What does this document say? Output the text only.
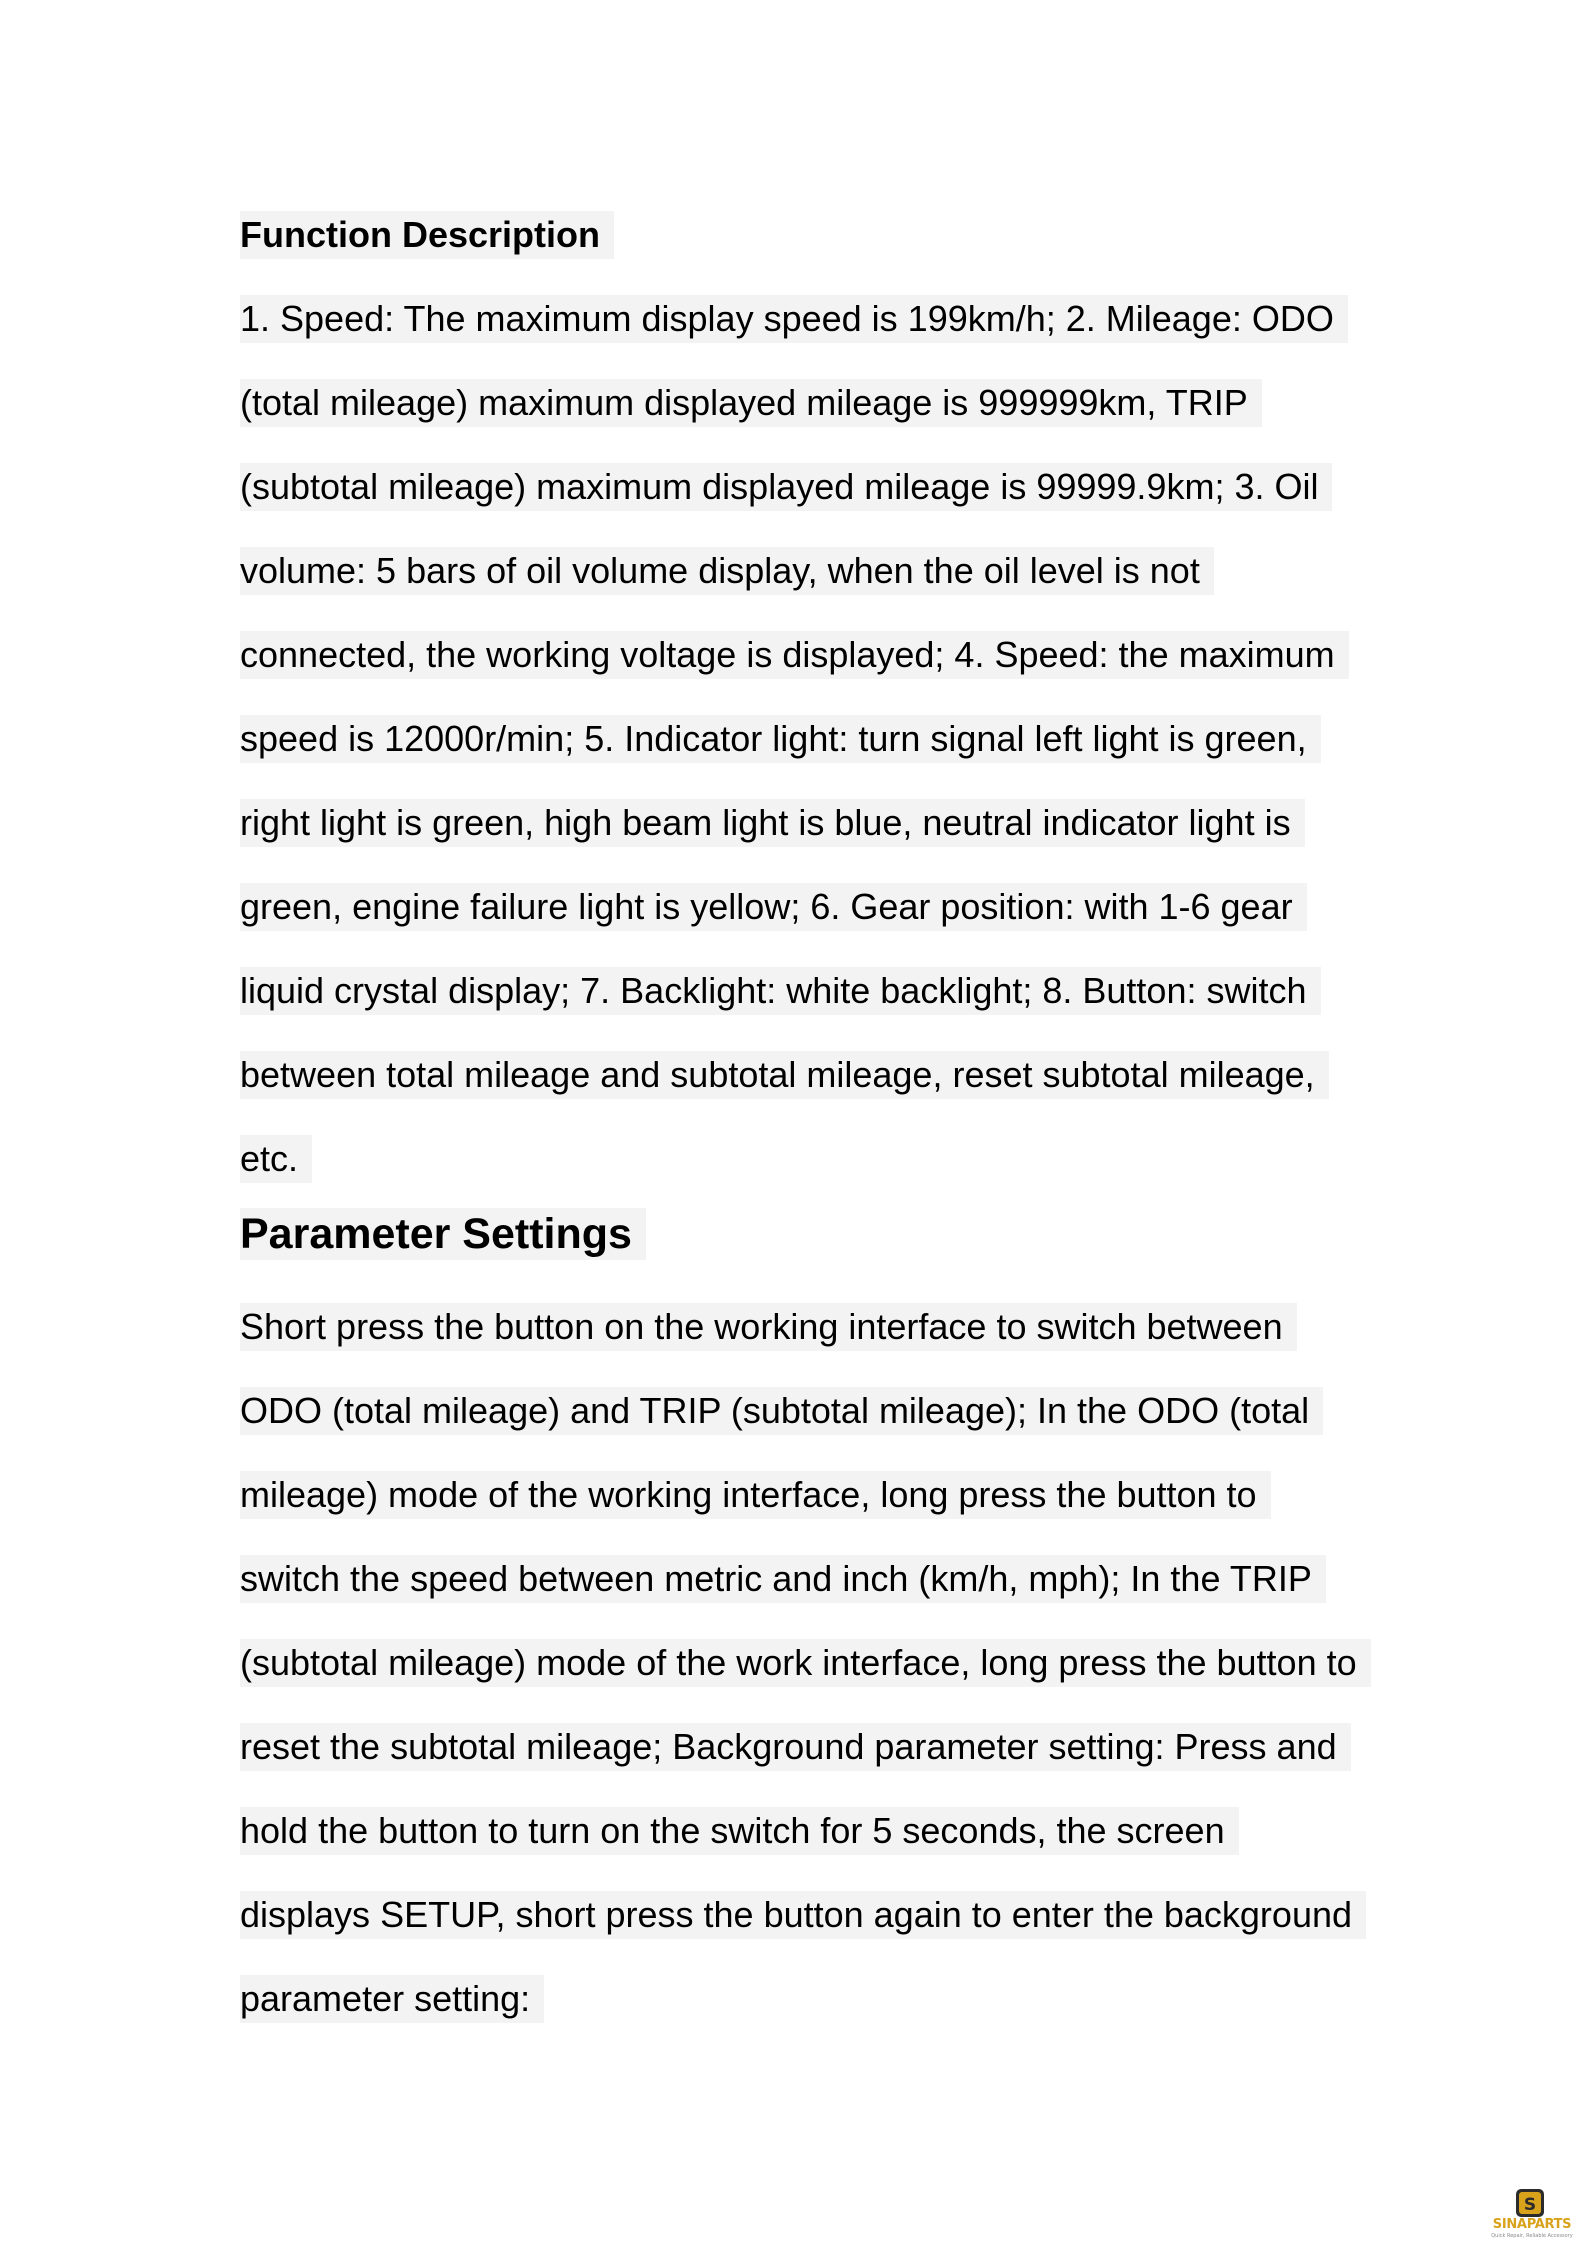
Function Description
1. Speed: The maximum display speed is 199km/h; 2. Mileage: ODO
(total mileage) maximum displayed mileage is 999999km, TRIP
(subtotal mileage) maximum displayed mileage is 99999.9km; 3. Oil
volume: 5 bars of oil volume display, when the oil level is not
connected, the working voltage is displayed; 4. Speed: the maximum
speed is 12000r/min; 5. Indicator light: turn signal left light is green,
right light is green, high beam light is blue, neutral indicator light is
green, engine failure light is yellow; 6. Gear position: with 1-6 gear
liquid crystal display; 7. Backlight: white backlight; 8. Button: switch
between total mileage and subtotal mileage, reset subtotal mileage,
etc.
Parameter Settings
Short press the button on the working interface to switch between
ODO (total mileage) and TRIP (subtotal mileage); In the ODO (total
mileage) mode of the working interface, long press the button to
switch the speed between metric and inch (km/h, mph); In the TRIP
(subtotal mileage) mode of the work interface, long press the button to
reset the subtotal mileage; Background parameter setting: Press and
hold the button to turn on the switch for 5 seconds, the screen
displays SETUP, short press the button again to enter the background
parameter setting:
S
SINAPARTS
Quick Repair, Reliable Accessory
